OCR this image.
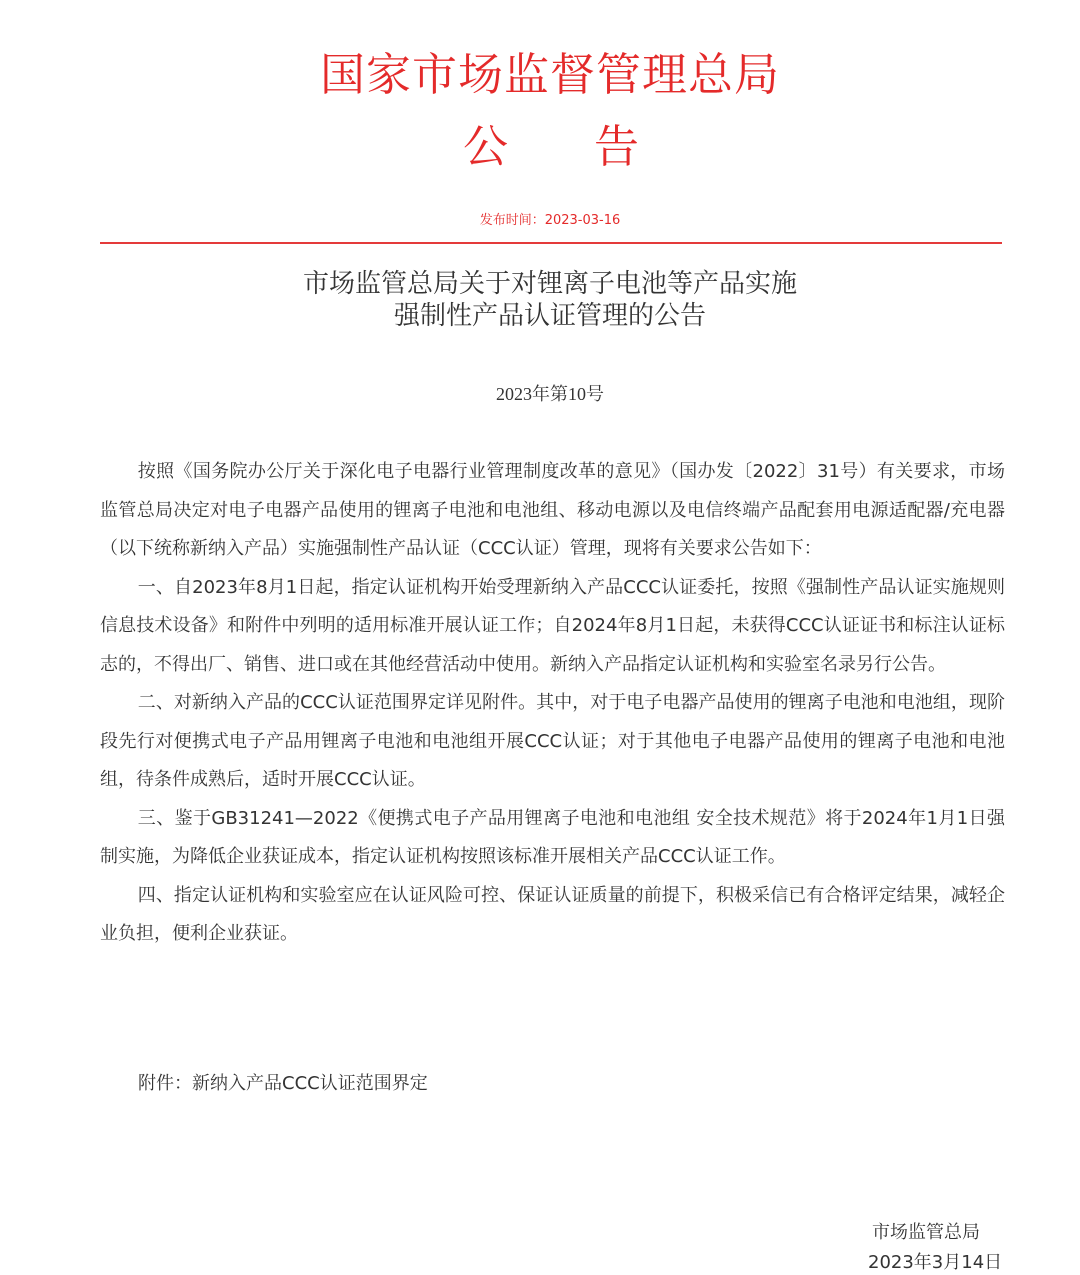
国家市场监督管理总局
公 告
发布时间：2023-03-16
市场监管总局关于对锂离子电池等产品实施
强制性产品认证管理的公告
2023年第10号

按照《国务院办公厅关于深化电子电器行业管理制度改革的意见》（国办发〔2022〕31号）有关要求，市场监管总局决定对电子电器产品使用的锂离子电池和电池组、移动电源以及电信终端产品配套用电源适配器/充电器（以下统称新纳入产品）实施强制性产品认证（CCC认证）管理，现将有关要求公告如下：

一、自2023年8月1日起，指定认证机构开始受理新纳入产品CCC认证委托，按照《强制性产品认证实施规则 信息技术设备》和附件中列明的适用标准开展认证工作；自2024年8月1日起，未获得CCC认证证书和标注认证标志的，不得出厂、销售、进口或在其他经营活动中使用。新纳入产品指定认证机构和实验室名录另行公告。

二、对新纳入产品的CCC认证范围界定详见附件。其中，对于电子电器产品使用的锂离子电池和电池组，现阶段先行对便携式电子产品用锂离子电池和电池组开展CCC认证；对于其他电子电器产品使用的锂离子电池和电池组，待条件成熟后，适时开展CCC认证。

三、鉴于GB31241—2022《便携式电子产品用锂离子电池和电池组 安全技术规范》将于2024年1月1日强制实施，为降低企业获证成本，指定认证机构按照该标准开展相关产品CCC认证工作。

四、指定认证机构和实验室应在认证风险可控、保证认证质量的前提下，积极采信已有合格评定结果，减轻企业负担，便利企业获证。

附件：新纳入产品CCC认证范围界定
市场监管总局
2023年3月14日
